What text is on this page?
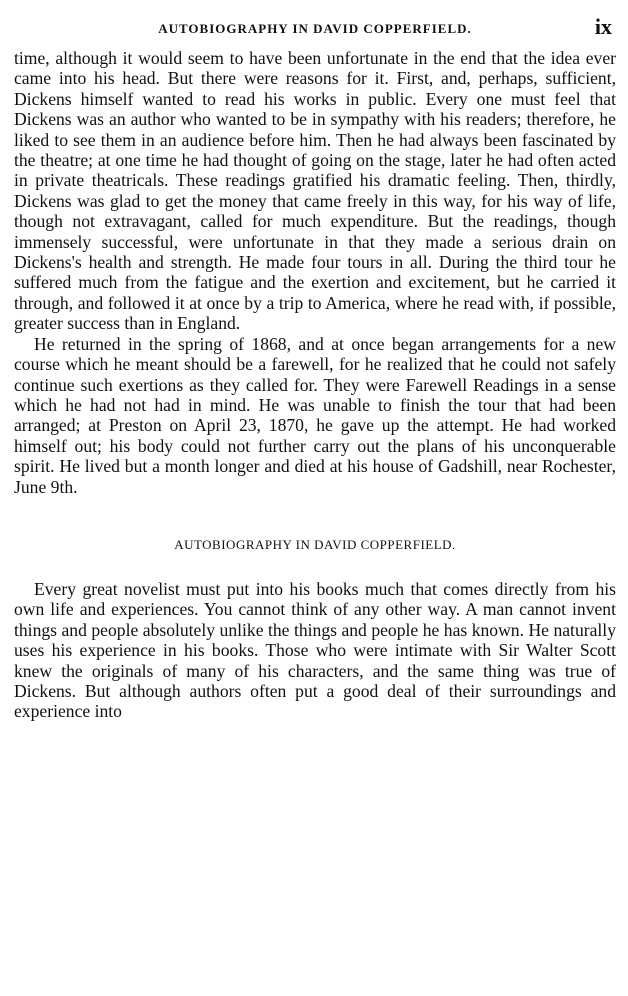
AUTOBIOGRAPHY IN DAVID COPPERFIELD.	ix

time, although it would seem to have been unfortunate in the end that the idea ever came into his head. But there were reasons for it. First, and, perhaps, sufficient, Dickens himself wanted to read his works in public. Every one must feel that Dickens was an author who wanted to be in sympathy with his readers; therefore, he liked to see them in an audience before him. Then he had always been fascinated by the theatre; at one time he had thought of going on the stage, later he had often acted in private theatricals. These readings gratified his dramatic feeling. Then, thirdly, Dickens was glad to get the money that came freely in this way, for his way of life, though not extravagant, called for much expenditure. But the readings, though immensely successful, were unfortunate in that they made a serious drain on Dickens's health and strength. He made four tours in all. During the third tour he suffered much from the fatigue and the exertion and excitement, but he carried it through, and followed it at once by a trip to America, where he read with, if possible, greater success than in England.

He returned in the spring of 1868, and at once began arrangements for a new course which he meant should be a farewell, for he realized that he could not safely continue such exertions as they called for. They were Farewell Readings in a sense which he had not had in mind. He was unable to finish the tour that had been arranged; at Preston on April 23, 1870, he gave up the attempt. He had worked himself out; his body could not further carry out the plans of his unconquerable spirit. He lived but a month longer and died at his house of Gadshill, near Rochester, June 9th.

AUTOBIOGRAPHY IN DAVID COPPERFIELD.

Every great novelist must put into his books much that comes directly from his own life and experiences. You cannot think of any other way. A man cannot invent things and people absolutely unlike the things and people he has known. He naturally uses his experience in his books. Those who were intimate with Sir Walter Scott knew the originals of many of his characters, and the same thing was true of Dickens. But although authors often put a good deal of their surroundings and experience into
